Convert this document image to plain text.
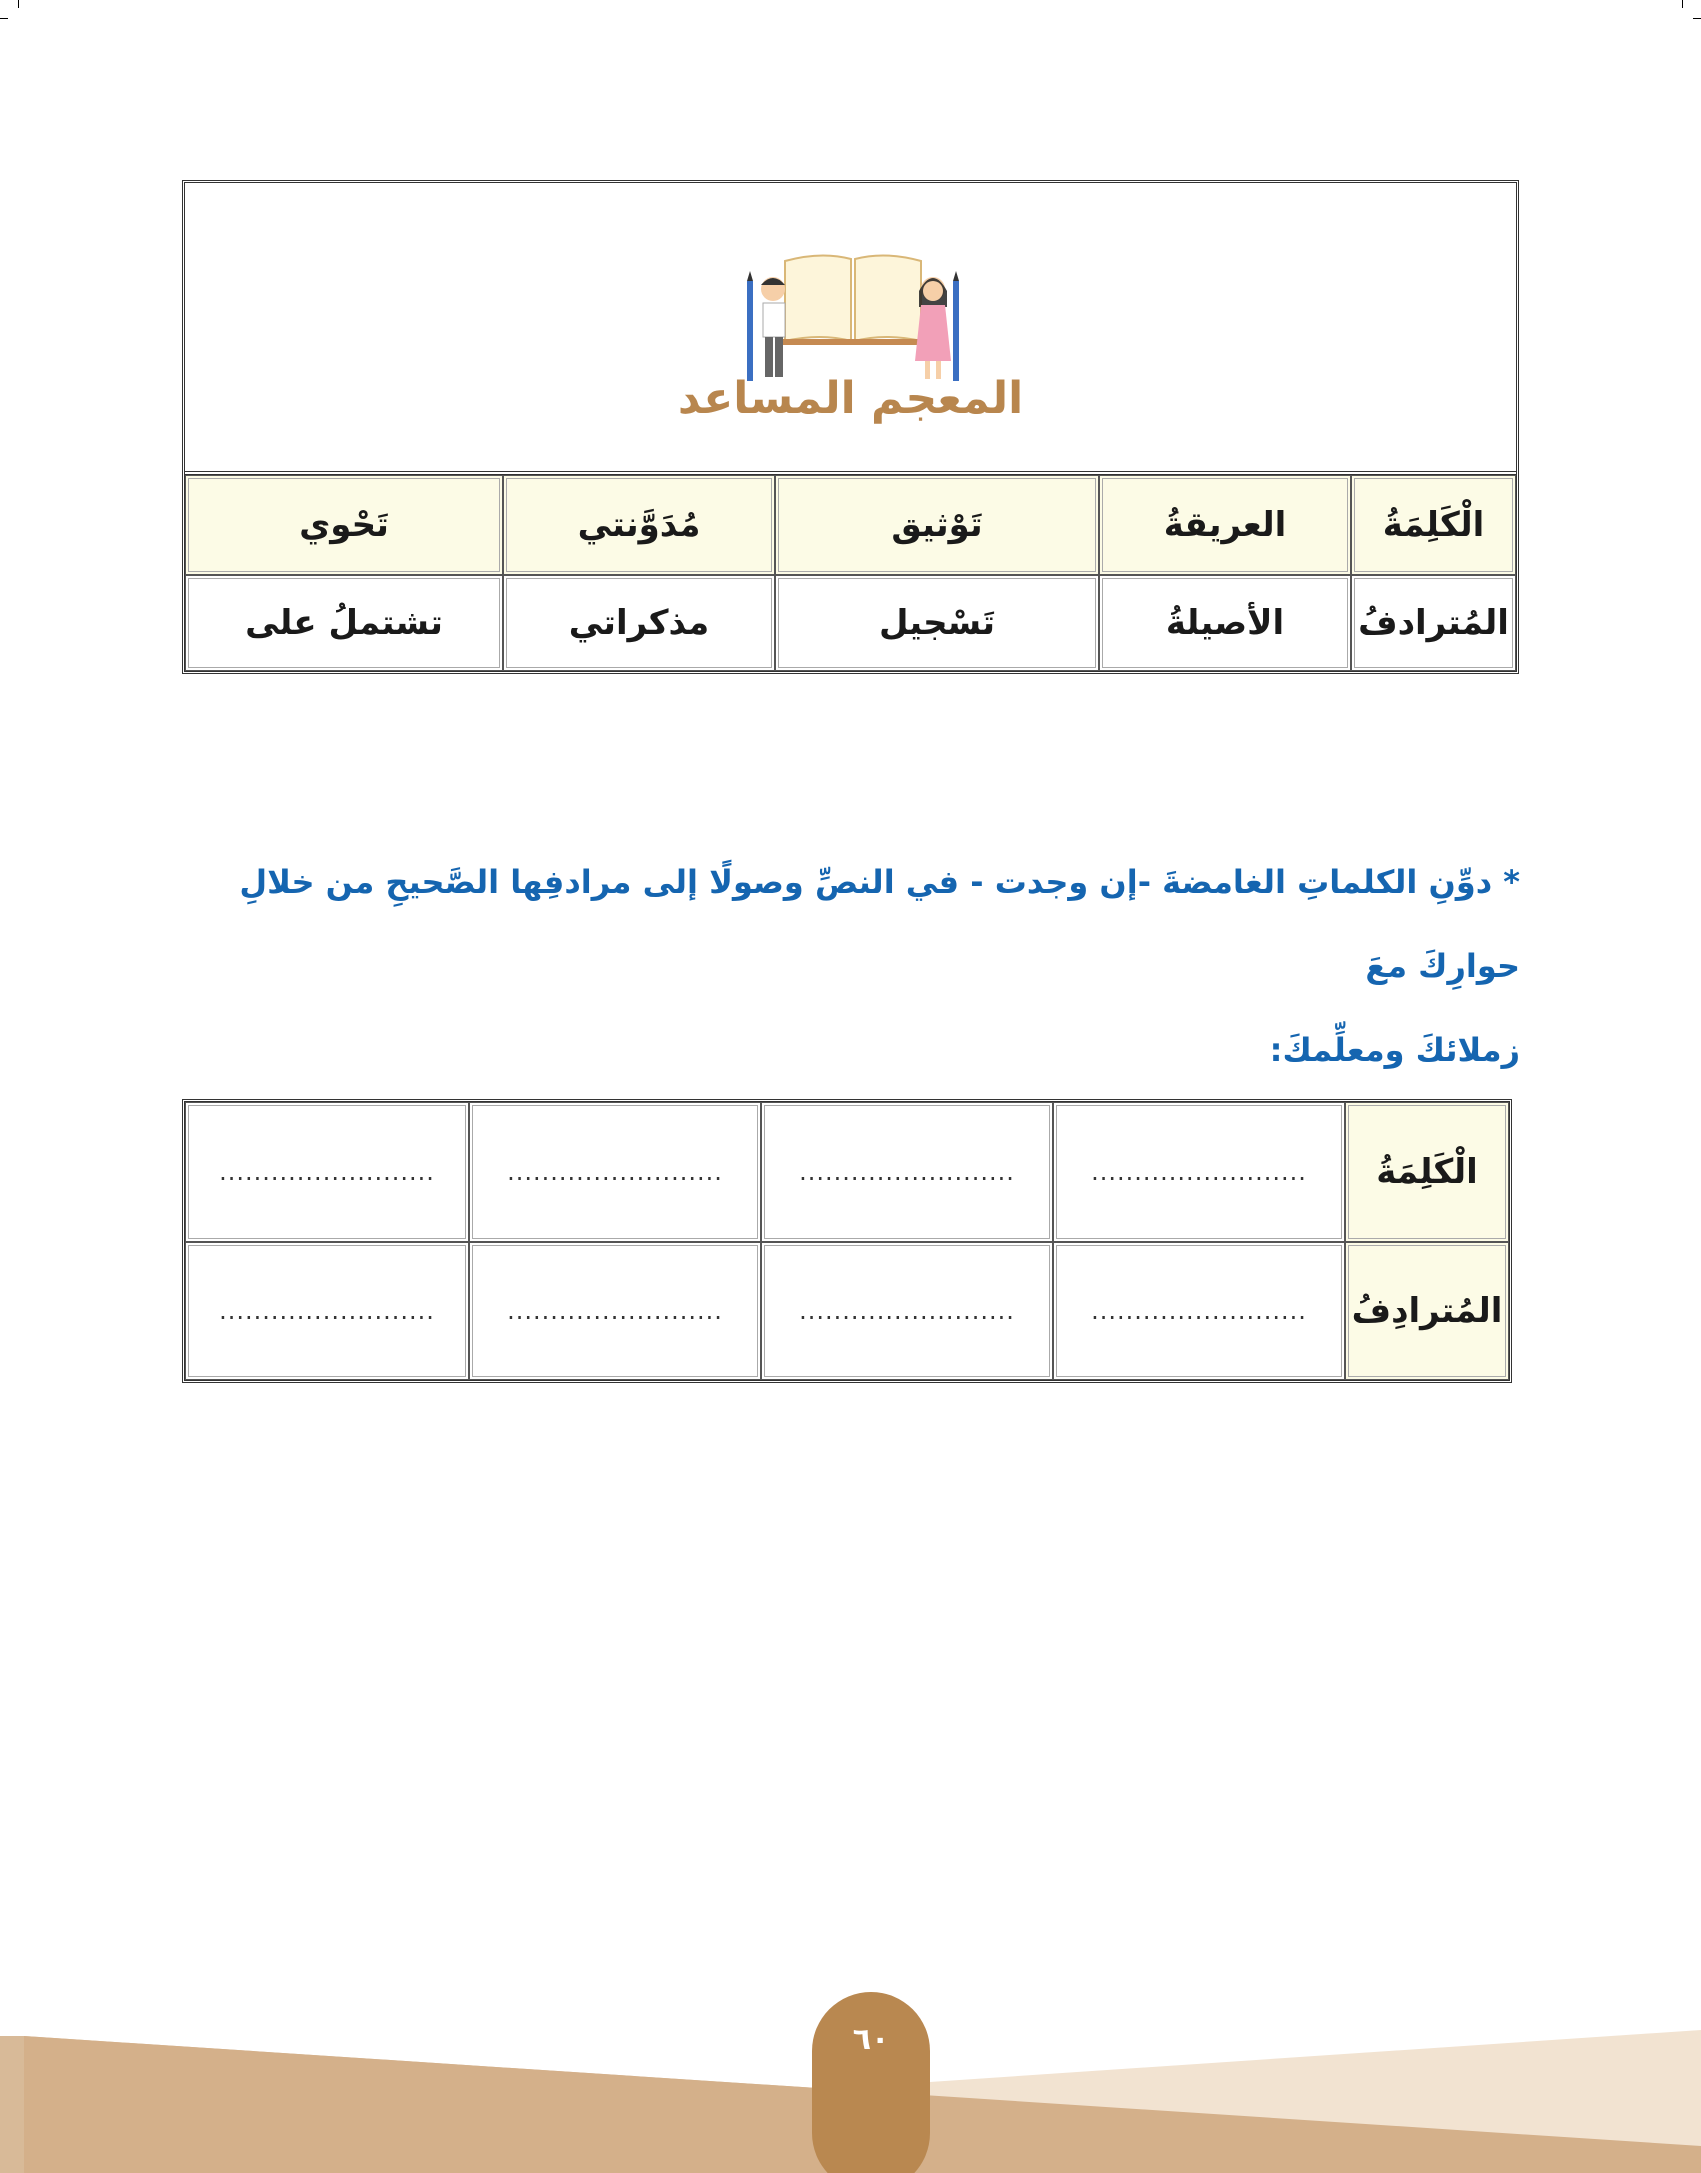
المعجم المساعد
الْكَلِمَةُ
العريقةُ
تَوْثيق
مُدَوَّنتي
تَحْوي
المُترادفُ
الأصيلةُ
تَسْجيل
مذكراتي
تشتملُ على
* دوِّنِ الكلماتِ الغامضةَ -إن وجدت - في النصِّ وصولًا إلى مرادفِها الصَّحيحِ من خلالِ حوارِكَ معَ
زملائكَ ومعلِّمكَ:
الْكَلِمَةُ
.........................
.........................
.........................
.........................
المُترادِفُ
.........................
.........................
.........................
.........................
٦٠
